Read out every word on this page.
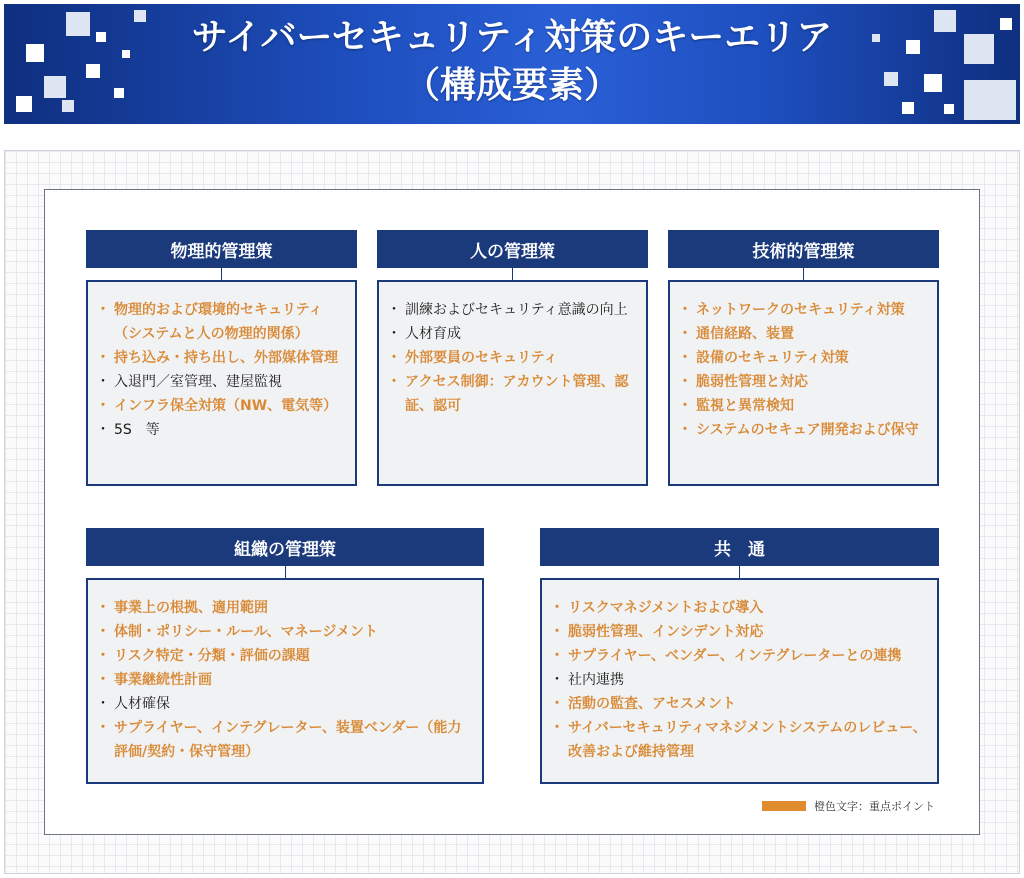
サイバーセキュリティ対策のキーエリア
（構成要素）
物理的管理策
・ 物理的および環境的セキュリティ（システムと人の物理的関係）
・ 持ち込み・持ち出し、外部媒体管理
・ 入退門／室管理、建屋監視
・ インフラ保全対策（NW、電気等）
・ 5S　等
人の管理策
・ 訓練およびセキュリティ意識の向上
・ 人材育成
・ 外部要員のセキュリティ
・ アクセス制御：アカウント管理、認証、認可
技術的管理策
・ ネットワークのセキュリティ対策
・ 通信経路、装置
・ 設備のセキュリティ対策
・ 脆弱性管理と対応
・ 監視と異常検知
・ システムのセキュア開発および保守
組織の管理策
・ 事業上の根拠、適用範囲
・ 体制・ポリシー・ルール、マネージメント
・ リスク特定・分類・評価の課題
・ 事業継続性計画
・ 人材確保
・ サプライヤー、インテグレーター、装置ベンダー（能力評価/契約・保守管理）
共　通
・ リスクマネジメントおよび導入
・ 脆弱性管理、インシデント対応
・ サプライヤー、ベンダー、インテグレーターとの連携
・ 社内連携
・ 活動の監査、アセスメント
・ サイバーセキュリティマネジメントシステムのレビュー、改善および維持管理
橙色文字：重点ポイント
